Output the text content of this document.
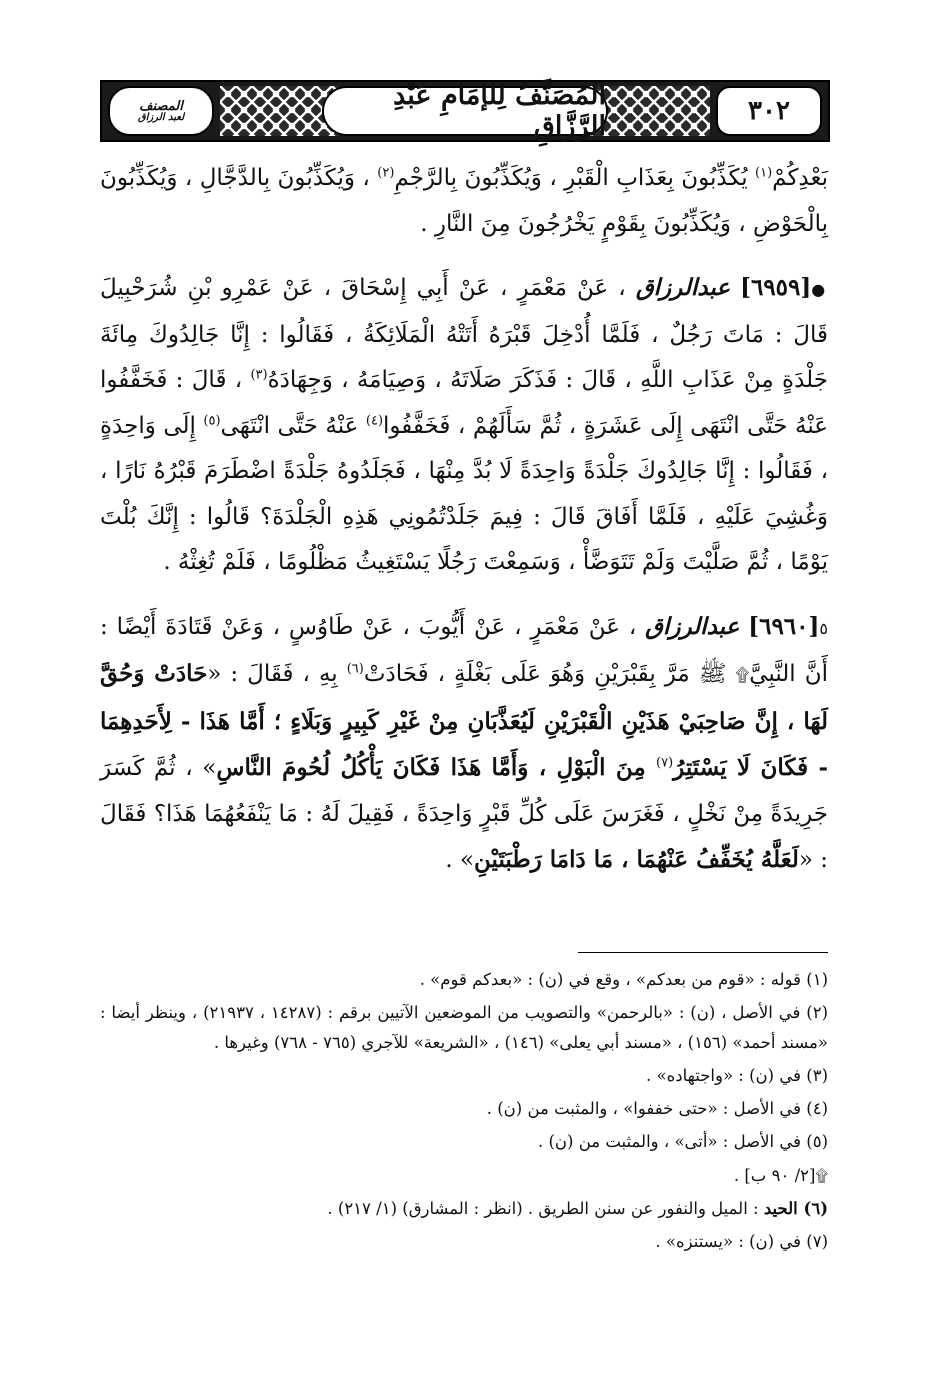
المُصَنَّفُ لِلإمَامِ عَبْدِ الرَّزَّاقِ	٣٠٢
المصنف
لعبد الرزاق

بَعْدِكُمْ$^{(١)}$ يُكَذِّبُونَ بِعَذَابِ الْقَبْرِ ، وَيُكَذِّبُونَ بِالرَّجْمِ$^{(٢)}$ ، وَيُكَذِّبُونَ بِالدَّجَّالِ ، وَيُكَذِّبُونَ بِالْحَوْضِ ، وَيُكَذِّبُونَ بِقَوْمٍ يَخْرُجُونَ مِنَ النَّارِ .

●[٦٩٥٩] عبدالرزاق ، عَنْ مَعْمَرٍ ، عَنْ أَبِي إِسْحَاقَ ، عَنْ عَمْرِو بْنِ شُرَحْبِيلَ قَالَ : مَاتَ رَجُلٌ ، فَلَمَّا أُدْخِلَ قَبْرَهُ أَتَتْهُ الْمَلَائِكَةُ ، فَقَالُوا : إِنَّا جَالِدُوكَ مِائَةَ جَلْدَةٍ مِنْ عَذَابِ اللَّهِ ، قَالَ : فَذَكَرَ صَلَاتَهُ ، وَصِيَامَهُ ، وَجِهَادَهُ$^{(٣)}$ ، قَالَ : فَخَفَّفُوا عَنْهُ حَتَّى انْتَهَى إِلَى عَشَرَةٍ ، ثُمَّ سَأَلَهُمْ ، فَخَفَّفُوا$^{(٤)}$ عَنْهُ حَتَّى انْتَهَى$^{(٥)}$ إِلَى وَاحِدَةٍ ، فَقَالُوا : إِنَّا جَالِدُوكَ جَلْدَةً وَاحِدَةً لَا بُدَّ مِنْهَا ، فَجَلَدُوهُ جَلْدَةً اضْطَرَمَ قَبْرُهُ نَارًا ، وَغُشِيَ عَلَيْهِ ، فَلَمَّا أَفَاقَ قَالَ : فِيمَ جَلَدْتُمُونِي هَذِهِ الْجَلْدَةَ؟ قَالُوا : إِنَّكَ بُلْتَ يَوْمًا ، ثُمَّ صَلَّيْتَ وَلَمْ تَتَوَضَّأْ ، وَسَمِعْتَ رَجُلًا يَسْتَغِيثُ مَظْلُومًا ، فَلَمْ تُغِثْهُ .

٥[٦٩٦٠] عبدالرزاق ، عَنْ مَعْمَرٍ ، عَنْ أَيُّوبَ ، عَنْ طَاوُسٍ ، وَعَنْ قَتَادَةَ أَيْضًا : أَنَّ النَّبِيَّ۩ ﷺ مَرَّ بِقَبْرَيْنِ وَهُوَ عَلَى بَغْلَةٍ ، فَحَادَتْ$^{(٦)}$ بِهِ ، فَقَالَ : «حَادَتْ وَحُقَّ لَهَا ، إِنَّ صَاحِبَيْ هَذَيْنِ الْقَبْرَيْنِ لَيُعَذَّبَانِ مِنْ غَيْرِ كَبِيرٍ وَبَلَاءٍ ؛ أَمَّا هَذَا - لِأَحَدِهِمَا - فَكَانَ لَا يَسْتَتِرُ$^{(٧)}$ مِنَ الْبَوْلِ ، وَأَمَّا هَذَا فَكَانَ يَأْكُلُ لُحُومَ النَّاسِ» ، ثُمَّ كَسَرَ جَرِيدَةً مِنْ نَخْلٍ ، فَغَرَسَ عَلَى كُلِّ قَبْرٍ وَاحِدَةً ، فَقِيلَ لَهُ : مَا يَنْفَعُهُمَا هَذَا؟ فَقَالَ : «لَعَلَّهُ يُخَفِّفُ عَنْهُمَا ، مَا دَامَا رَطْبَتَيْنِ» .

(١) قوله : «قوم من بعدكم» ، وقع في (ن) : «بعدكم قوم» .

(٢) في الأصل ، (ن) : «بالرحمن» والتصويب من الموضعين الآتيين برقم : (١٤٢٨٧ ، ٢١٩٣٧) ، وينظر أيضا : «مسند أحمد» (١٥٦) ، «مسند أبي يعلى» (١٤٦) ، «الشريعة» للآجري (٧٦٥ - ٧٦٨) وغيرها .

(٣) في (ن) : «واجتهاده» .

(٤) في الأصل : «حتى خففوا» ، والمثبت من (ن) .

(٥) في الأصل : «أتى» ، والمثبت من (ن) .

۩[٢/ ٩٠ ب] .

(٦) الحيد : الميل والنفور عن سنن الطريق . (انظر : المشارق) (١/ ٢١٧) .

(٧) في (ن) : «يستنزه» .
